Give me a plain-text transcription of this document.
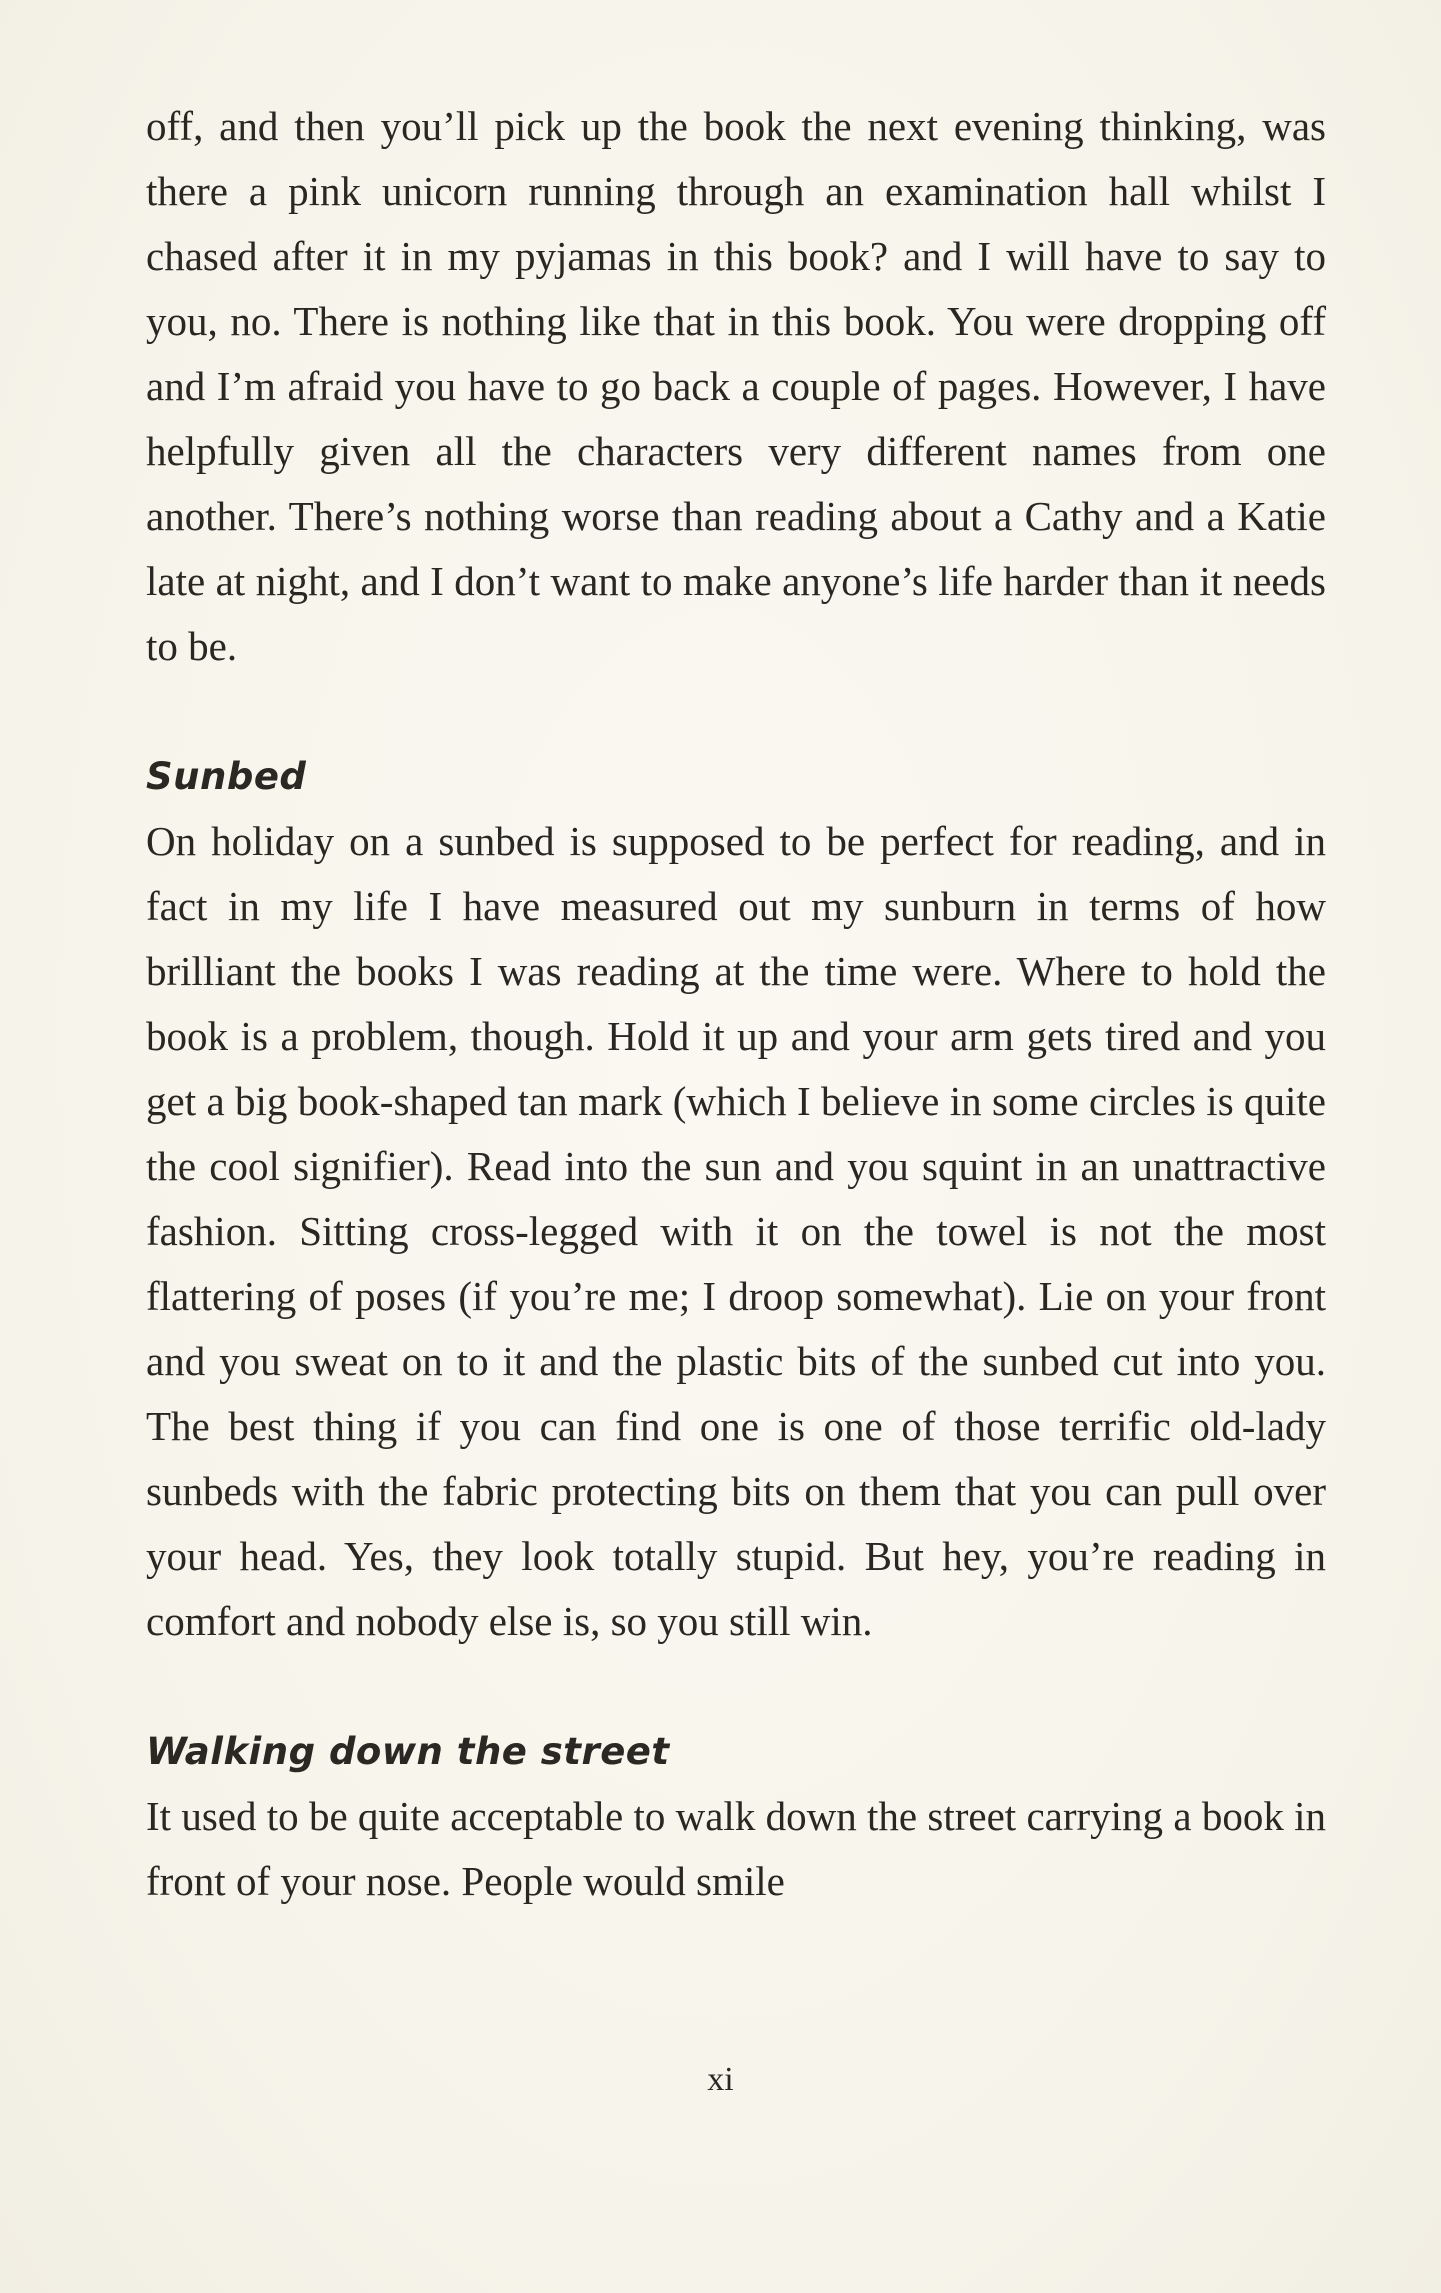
off, and then you’ll pick up the book the next evening thinking, was there a pink unicorn running through an examination hall whilst I chased after it in my pyjamas in this book? and I will have to say to you, no. There is nothing like that in this book. You were dropping off and I’m afraid you have to go back a couple of pages. However, I have helpfully given all the characters very different names from one another. There’s nothing worse than reading about a Cathy and a Katie late at night, and I don’t want to make anyone’s life harder than it needs to be.

Sunbed

On holiday on a sunbed is supposed to be perfect for reading, and in fact in my life I have measured out my sunburn in terms of how brilliant the books I was reading at the time were. Where to hold the book is a problem, though. Hold it up and your arm gets tired and you get a big book-shaped tan mark (which I believe in some circles is quite the cool signifier). Read into the sun and you squint in an unattractive fashion. Sitting cross-legged with it on the towel is not the most flattering of poses (if you’re me; I droop somewhat). Lie on your front and you sweat on to it and the plastic bits of the sunbed cut into you. The best thing if you can find one is one of those terrific old-lady sunbeds with the fabric protecting bits on them that you can pull over your head. Yes, they look totally stupid. But hey, you’re reading in comfort and nobody else is, so you still win.

Walking down the street

It used to be quite acceptable to walk down the street carrying a book in front of your nose. People would smile

xi
